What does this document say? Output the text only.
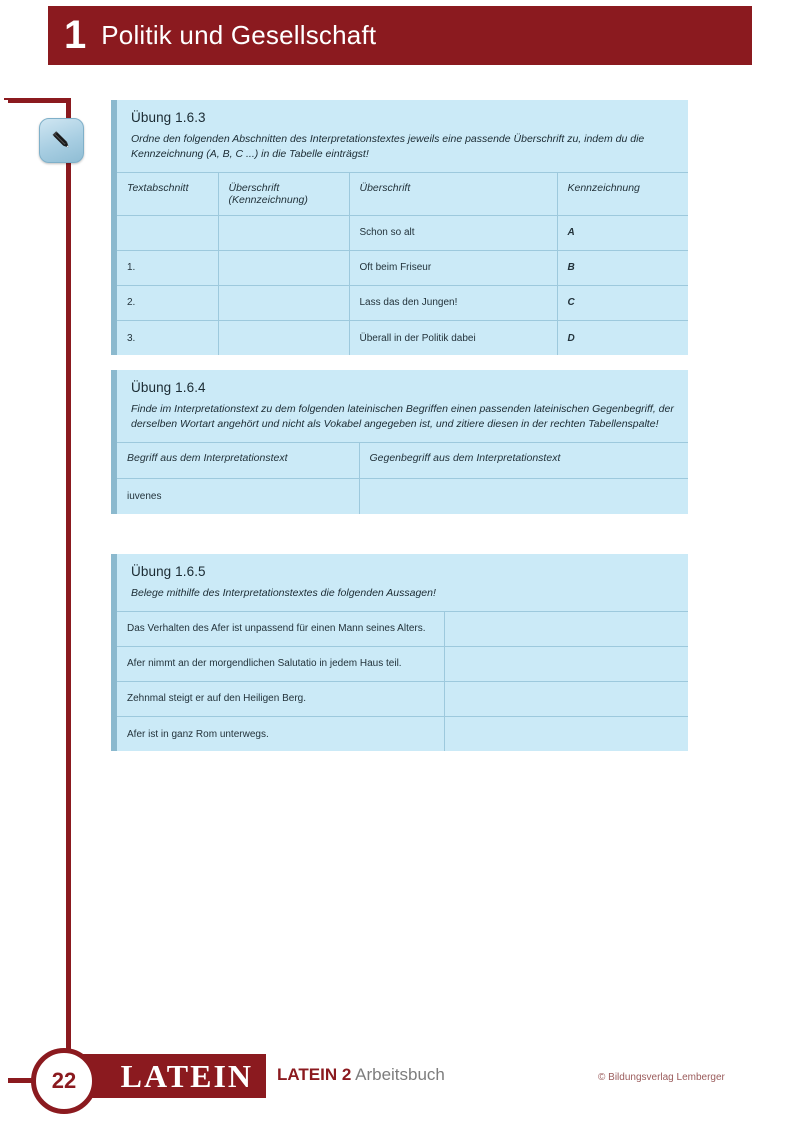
1 Politik und Gesellschaft
Übung 1.6.3
Ordne den folgenden Abschnitten des Interpretationstextes jeweils eine passende Überschrift zu, indem du die Kennzeichnung (A, B, C ...) in die Tabelle einträgst!
Textabschnitt	Überschrift (Kennzeichnung)	Überschrift	Kennzeichnung
		Schon so alt	A
1.		Oft beim Friseur	B
2.		Lass das den Jungen!	C
3.		Überall in der Politik dabei	D
Übung 1.6.4
Finde im Interpretationstext zu dem folgenden lateinischen Begriffen einen passenden lateinischen Gegenbegriff, der derselben Wortart angehört und nicht als Vokabel angegeben ist, und zitiere diesen in der rechten Tabellenspalte!
Begriff aus dem Interpretationstext	Gegenbegriff aus dem Interpretationstext
iuvenes	
Übung 1.6.5
Belege mithilfe des Interpretationstextes die folgenden Aussagen!
Das Verhalten des Afer ist unpassend für einen Mann seines Alters.	
Afer nimmt an der morgendlichen Salutatio in jedem Haus teil.	
Zehnmal steigt er auf den Heiligen Berg.	
Afer ist in ganz Rom unterwegs.	
LATEIN
22	LATEIN 2 Arbeitsbuch	© Bildungsverlag Lemberger
